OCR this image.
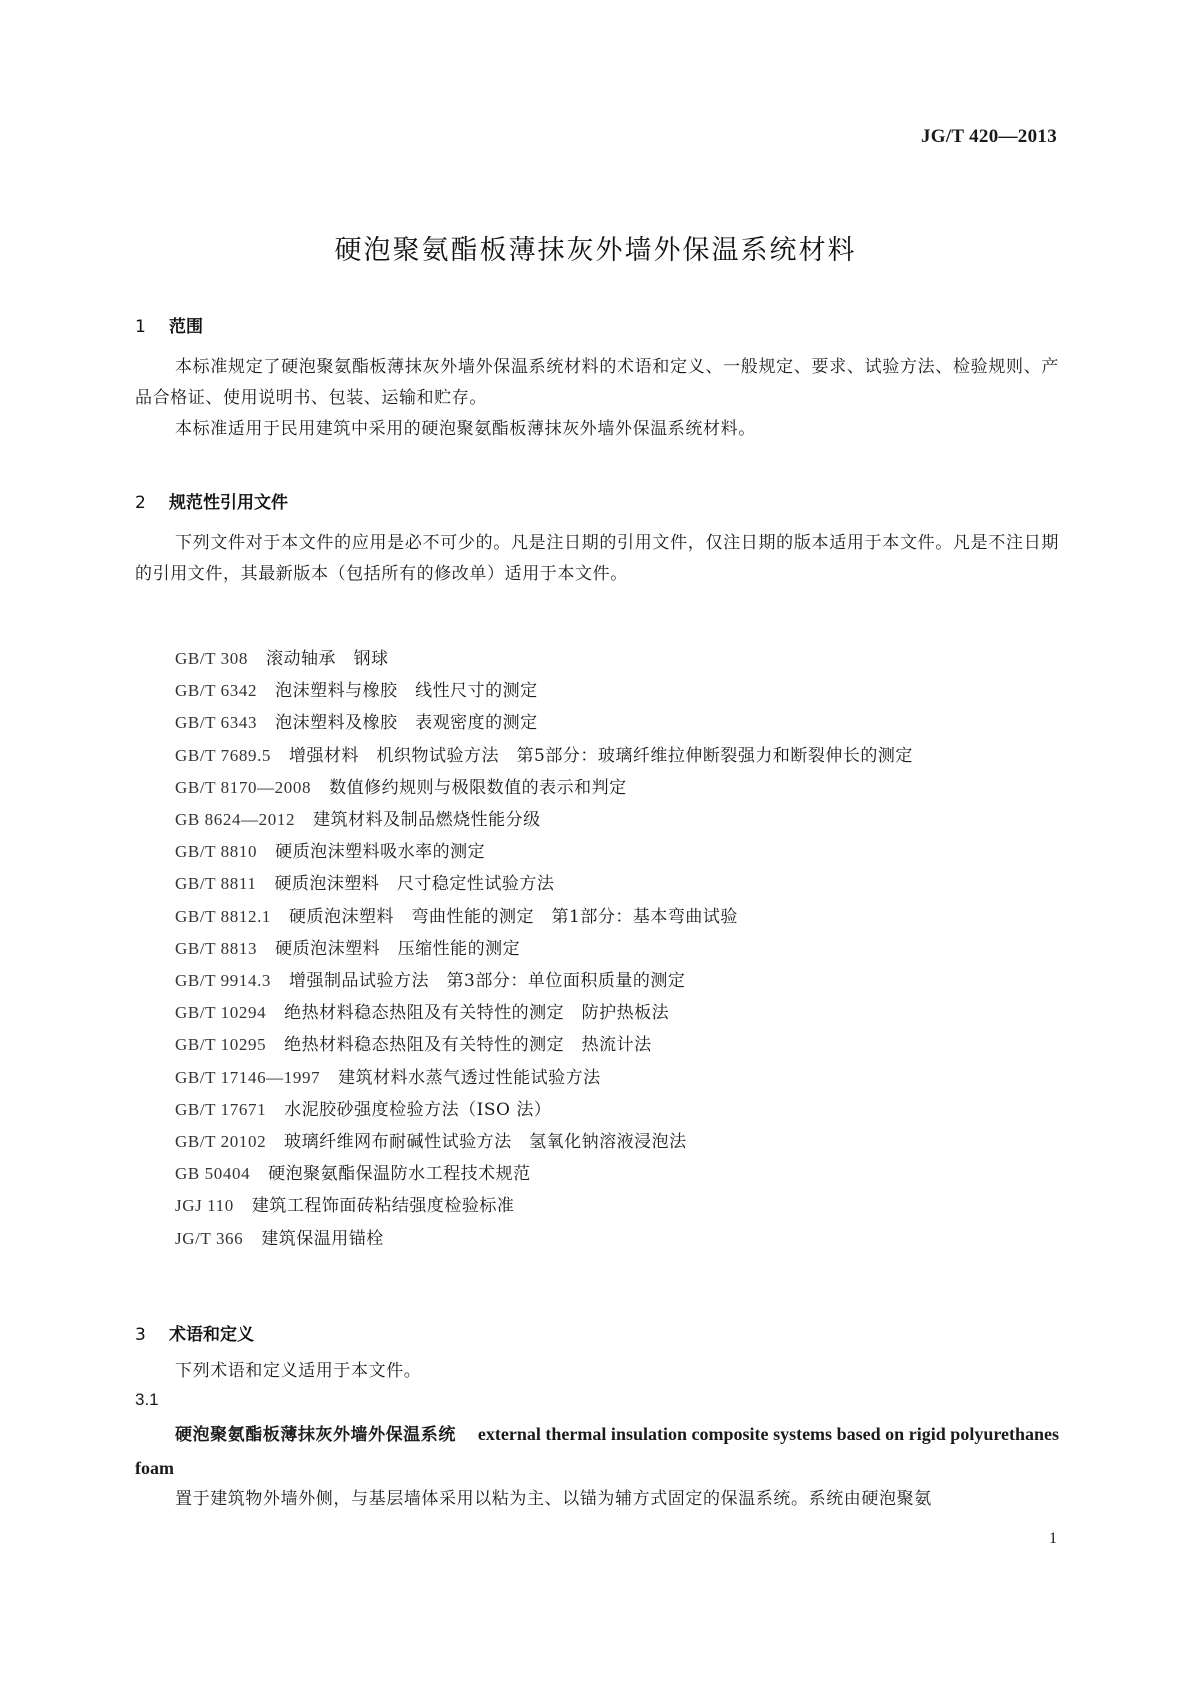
JG/T 420—2013
硬泡聚氨酯板薄抹灰外墙外保温系统材料
1 范围

本标准规定了硬泡聚氨酯板薄抹灰外墙外保温系统材料的术语和定义、一般规定、要求、试验方法、检验规则、产品合格证、使用说明书、包装、运输和贮存。

本标准适用于民用建筑中采用的硬泡聚氨酯板薄抹灰外墙外保温系统材料。

2 规范性引用文件

下列文件对于本文件的应用是必不可少的。凡是注日期的引用文件，仅注日期的版本适用于本文件。凡是不注日期的引用文件，其最新版本（包括所有的修改单）适用于本文件。

GB/T 308 滚动轴承　钢球
GB/T 6342 泡沫塑料与橡胶　线性尺寸的测定
GB/T 6343 泡沫塑料及橡胶　表观密度的测定
GB/T 7689.5 增强材料　机织物试验方法　第5部分：玻璃纤维拉伸断裂强力和断裂伸长的测定
GB/T 8170—2008 数值修约规则与极限数值的表示和判定
GB 8624—2012 建筑材料及制品燃烧性能分级
GB/T 8810 硬质泡沫塑料吸水率的测定
GB/T 8811 硬质泡沫塑料　尺寸稳定性试验方法
GB/T 8812.1 硬质泡沫塑料　弯曲性能的测定　第1部分：基本弯曲试验
GB/T 8813 硬质泡沫塑料　压缩性能的测定
GB/T 9914.3 增强制品试验方法　第3部分：单位面积质量的测定
GB/T 10294 绝热材料稳态热阻及有关特性的测定　防护热板法
GB/T 10295 绝热材料稳态热阻及有关特性的测定　热流计法
GB/T 17146—1997 建筑材料水蒸气透过性能试验方法
GB/T 17671 水泥胶砂强度检验方法（ISO 法）
GB/T 20102 玻璃纤维网布耐碱性试验方法　氢氧化钠溶液浸泡法
GB 50404 硬泡聚氨酯保温防水工程技术规范
JGJ 110 建筑工程饰面砖粘结强度检验标准
JG/T 366 建筑保温用锚栓
3 术语和定义

下列术语和定义适用于本文件。

3.1

硬泡聚氨酯板薄抹灰外墙外保温系统 external thermal insulation composite systems based on rigid polyurethanes foam

置于建筑物外墙外侧，与基层墙体采用以粘为主、以锚为辅方式固定的保温系统。系统由硬泡聚氨

1
